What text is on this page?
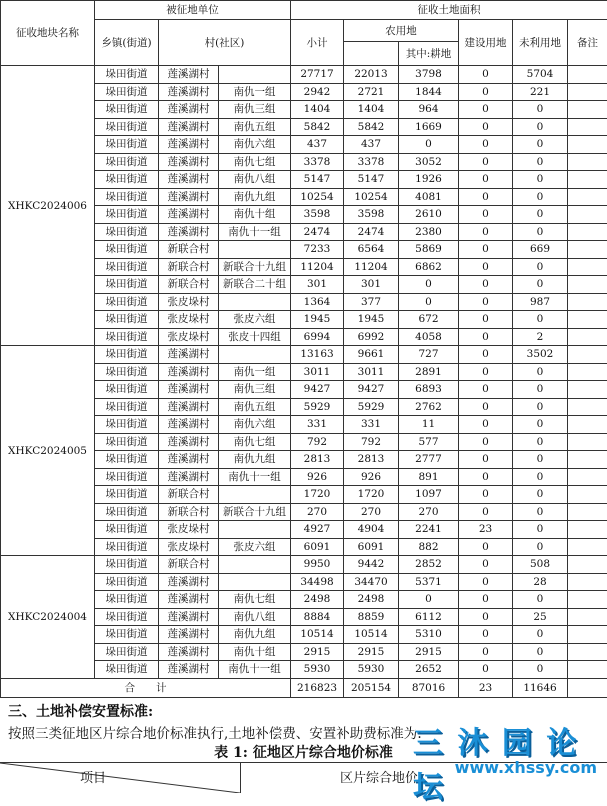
征收地块名称	被征地单位			征收土地面积					
	乡镇(街道)	村(社区)		小计	农用地		建设用地	未利用地	备注
						其中:耕地			
XHKC2024006	垛田街道	莲溪湖村		27717	22013	3798	0	5704	
	垛田街道	莲溪湖村	南仇一组	2942	2721	1844	0	221	
	垛田街道	莲溪湖村	南仇三组	1404	1404	964	0	0	
	垛田街道	莲溪湖村	南仇五组	5842	5842	1669	0	0	
	垛田街道	莲溪湖村	南仇六组	437	437	0	0	0	
	垛田街道	莲溪湖村	南仇七组	3378	3378	3052	0	0	
	垛田街道	莲溪湖村	南仇八组	5147	5147	1926	0	0	
	垛田街道	莲溪湖村	南仇九组	10254	10254	4081	0	0	
	垛田街道	莲溪湖村	南仇十组	3598	3598	2610	0	0	
	垛田街道	莲溪湖村	南仇十一组	2474	2474	2380	0	0	
	垛田街道	新联合村		7233	6564	5869	0	669	
	垛田街道	新联合村	新联合十九组	11204	11204	6862	0	0	
	垛田街道	新联合村	新联合二十组	301	301	0	0	0	
	垛田街道	张皮垛村		1364	377	0	0	987	
	垛田街道	张皮垛村	张皮六组	1945	1945	672	0	0	
	垛田街道	张皮垛村	张皮十四组	6994	6992	4058	0	2	
XHKC2024005	垛田街道	莲溪湖村		13163	9661	727	0	3502	
	垛田街道	莲溪湖村	南仇一组	3011	3011	2891	0	0	
	垛田街道	莲溪湖村	南仇三组	9427	9427	6893	0	0	
	垛田街道	莲溪湖村	南仇五组	5929	5929	2762	0	0	
	垛田街道	莲溪湖村	南仇六组	331	331	11	0	0	
	垛田街道	莲溪湖村	南仇七组	792	792	577	0	0	
	垛田街道	莲溪湖村	南仇九组	2813	2813	2777	0	0	
	垛田街道	莲溪湖村	南仇十一组	926	926	891	0	0	
	垛田街道	新联合村		1720	1720	1097	0	0	
	垛田街道	新联合村	新联合十九组	270	270	270	0	0	
	垛田街道	张皮垛村		4927	4904	2241	23	0	
	垛田街道	张皮垛村	张皮六组	6091	6091	882	0	0	
XHKC2024004	垛田街道	新联合村		9950	9442	2852	0	508	
	垛田街道	莲溪湖村		34498	34470	5371	0	28	
	垛田街道	莲溪湖村	南仇七组	2498	2498	0	0	0	
	垛田街道	莲溪湖村	南仇八组	8884	8859	6112	0	25	
	垛田街道	莲溪湖村	南仇九组	10514	10514	5310	0	0	
	垛田街道	莲溪湖村	南仇十组	2915	2915	2915	0	0	
	垛田街道	莲溪湖村	南仇十一组	5930	5930	2652	0	0	
合　　计				216823	205154	87016	23	11646	
三、土地补偿安置标准:
按照三类征地区片综合地价标准执行,土地补偿费、安置补助费标准为:
表 1: 征地区片综合地价标准
项目	区片综合地价
三 沐 园 论 坛
www.xhssy.com
